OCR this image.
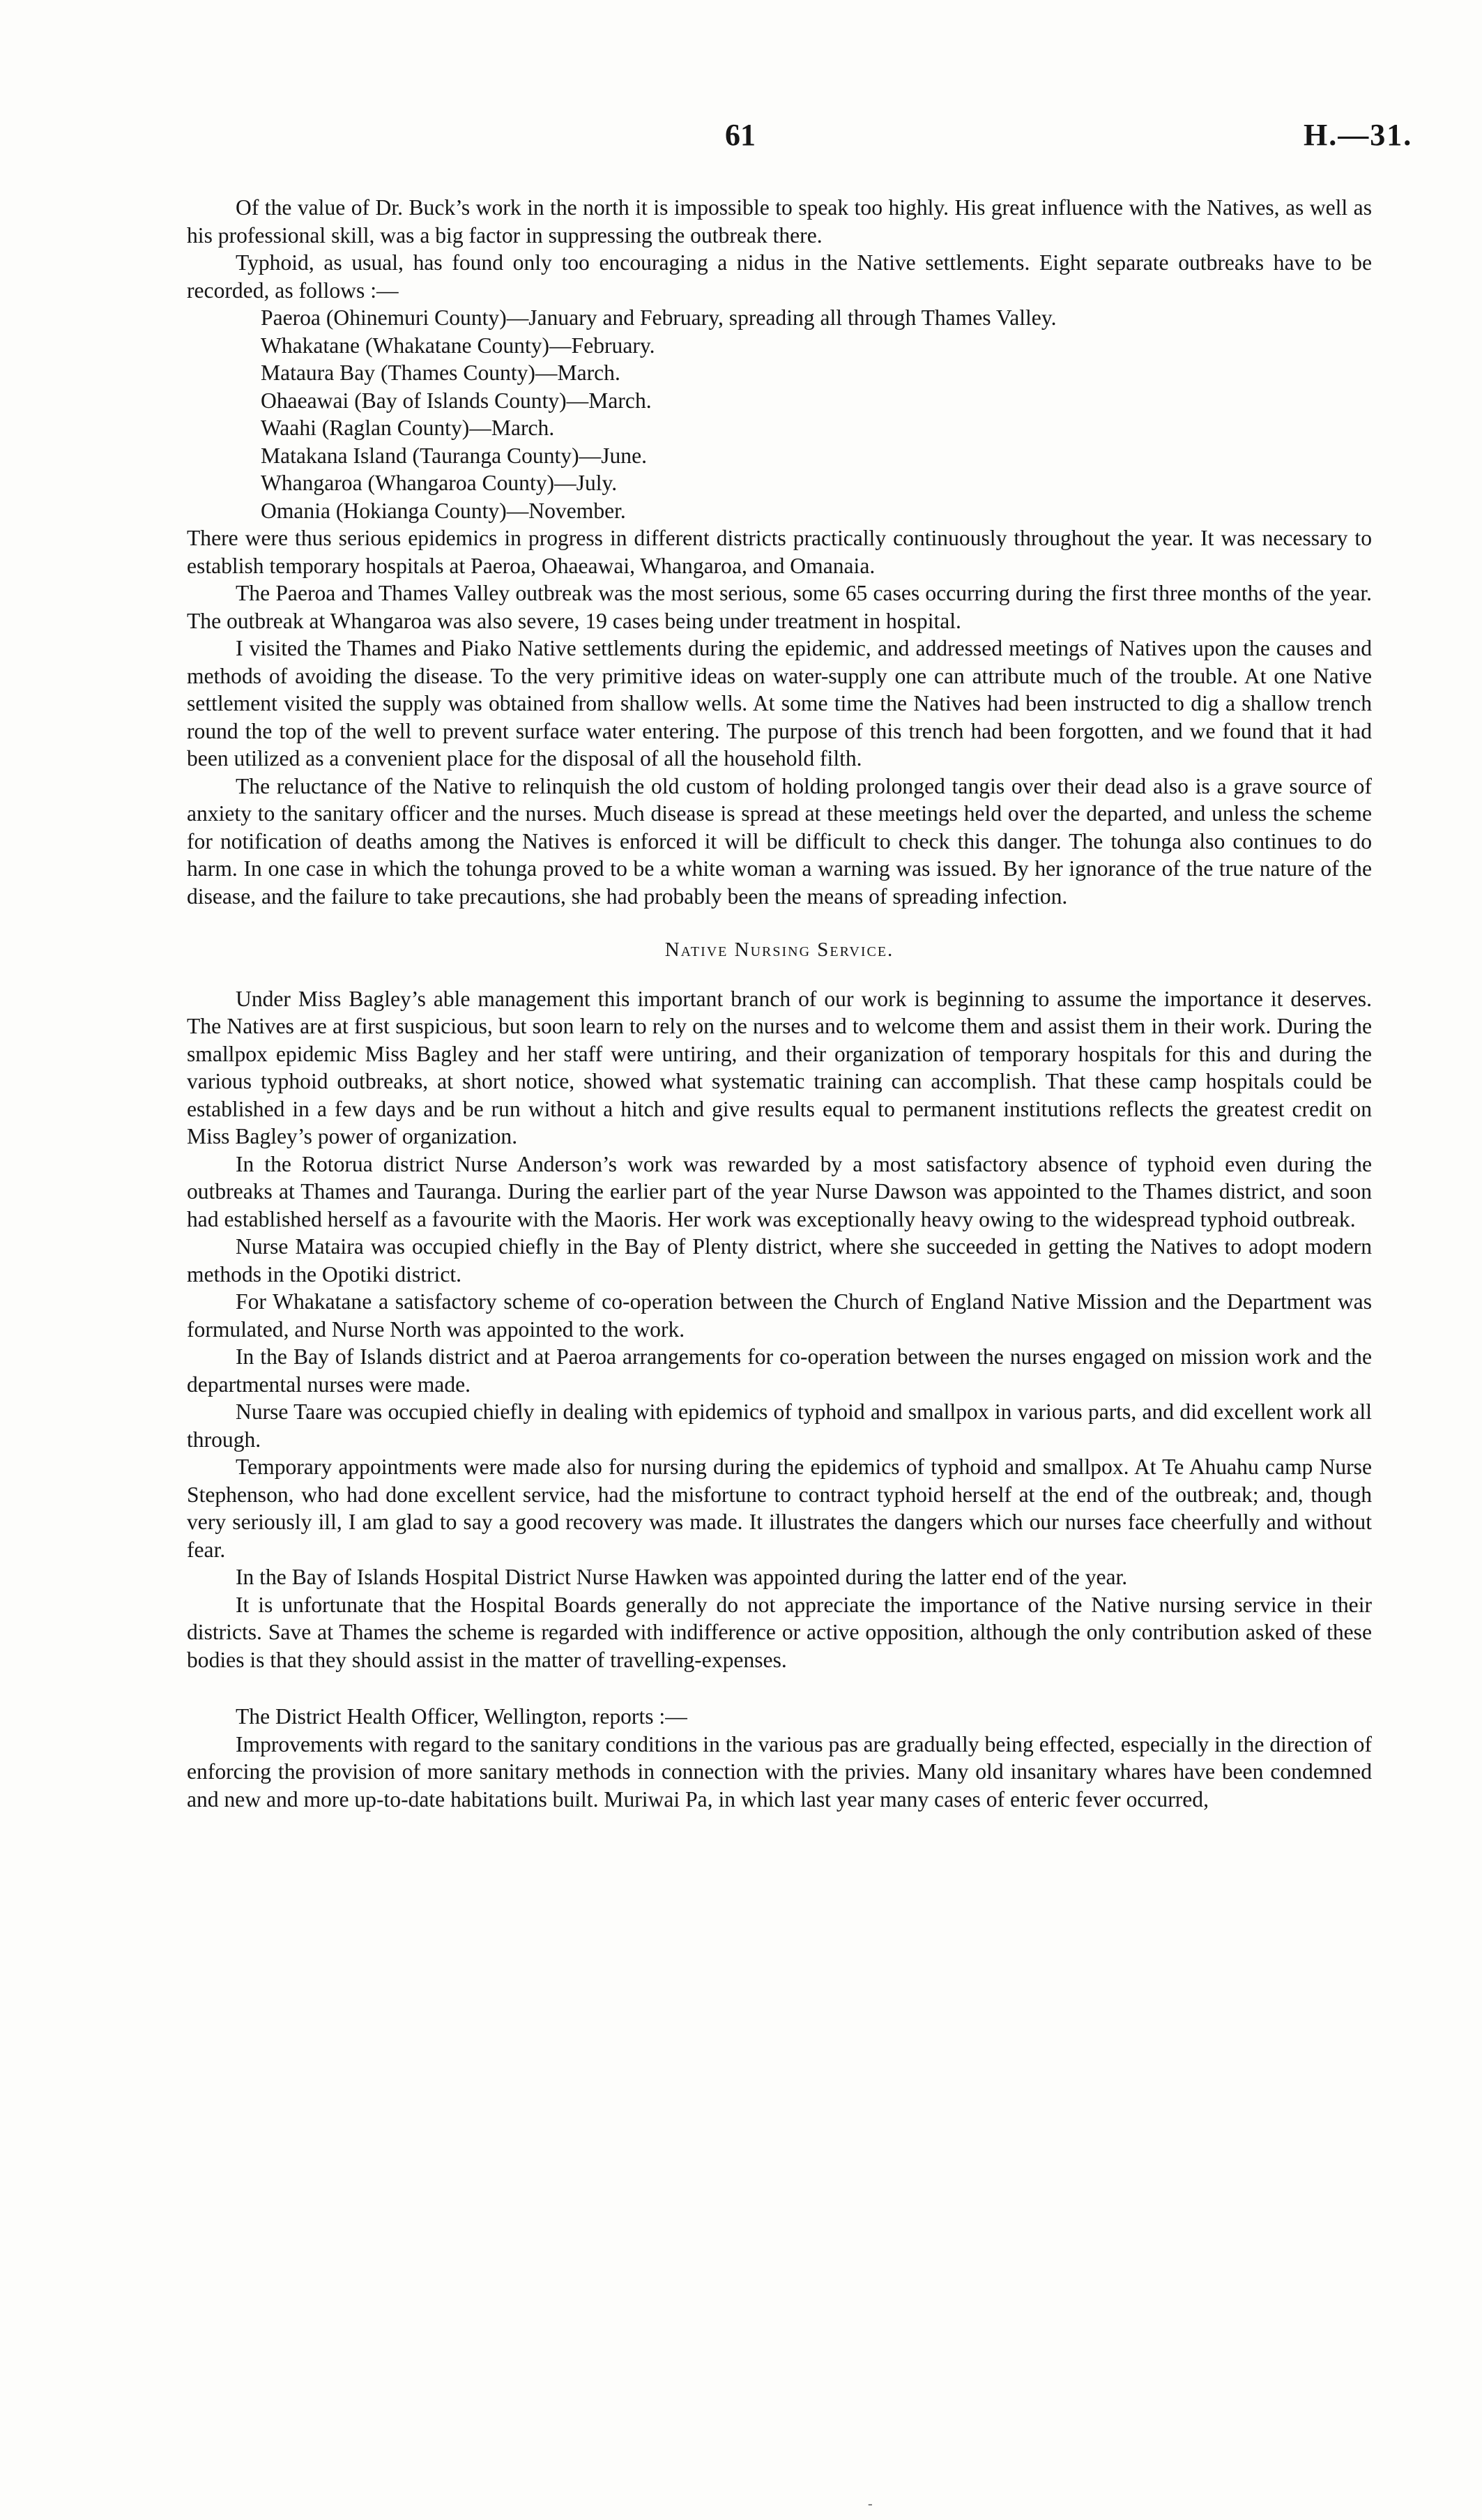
61	H.—31.

Of the value of Dr. Buck’s work in the north it is impossible to speak too highly. His great influence with the Natives, as well as his professional skill, was a big factor in suppressing the outbreak there.

Typhoid, as usual, has found only too encouraging a nidus in the Native settlements. Eight separate outbreaks have to be recorded, as follows :—

Paeroa (Ohinemuri County)—January and February, spreading all through Thames Valley.
Whakatane (Whakatane County)—February.
Mataura Bay (Thames County)—March.
Ohaeawai (Bay of Islands County)—March.
Waahi (Raglan County)—March.
Matakana Island (Tauranga County)—June.
Whangaroa (Whangaroa County)—July.
Omania (Hokianga County)—November.

There were thus serious epidemics in progress in different districts practically continuously throughout the year. It was necessary to establish temporary hospitals at Paeroa, Ohaeawai, Whangaroa, and Omanaia.

The Paeroa and Thames Valley outbreak was the most serious, some 65 cases occurring during the first three months of the year. The outbreak at Whangaroa was also severe, 19 cases being under treatment in hospital.

I visited the Thames and Piako Native settlements during the epidemic, and addressed meetings of Natives upon the causes and methods of avoiding the disease. To the very primitive ideas on water-supply one can attribute much of the trouble. At one Native settlement visited the supply was obtained from shallow wells. At some time the Natives had been instructed to dig a shallow trench round the top of the well to prevent surface water entering. The purpose of this trench had been forgotten, and we found that it had been utilized as a convenient place for the disposal of all the household filth.

The reluctance of the Native to relinquish the old custom of holding prolonged tangis over their dead also is a grave source of anxiety to the sanitary officer and the nurses. Much disease is spread at these meetings held over the departed, and unless the scheme for notification of deaths among the Natives is enforced it will be difficult to check this danger. The tohunga also continues to do harm. In one case in which the tohunga proved to be a white woman a warning was issued. By her ignorance of the true nature of the disease, and the failure to take precautions, she had probably been the means of spreading infection.

Native Nursing Service.

Under Miss Bagley’s able management this important branch of our work is beginning to assume the importance it deserves. The Natives are at first suspicious, but soon learn to rely on the nurses and to welcome them and assist them in their work. During the smallpox epidemic Miss Bagley and her staff were untiring, and their organization of temporary hospitals for this and during the various typhoid outbreaks, at short notice, showed what systematic training can accomplish. That these camp hospitals could be established in a few days and be run without a hitch and give results equal to permanent institutions reflects the greatest credit on Miss Bagley’s power of organization.

In the Rotorua district Nurse Anderson’s work was rewarded by a most satisfactory absence of typhoid even during the outbreaks at Thames and Tauranga. During the earlier part of the year Nurse Dawson was appointed to the Thames district, and soon had established herself as a favourite with the Maoris. Her work was exceptionally heavy owing to the widespread typhoid outbreak.

Nurse Mataira was occupied chiefly in the Bay of Plenty district, where she succeeded in getting the Natives to adopt modern methods in the Opotiki district.

For Whakatane a satisfactory scheme of co-operation between the Church of England Native Mission and the Department was formulated, and Nurse North was appointed to the work.

In the Bay of Islands district and at Paeroa arrangements for co-operation between the nurses engaged on mission work and the departmental nurses were made.

Nurse Taare was occupied chiefly in dealing with epidemics of typhoid and smallpox in various parts, and did excellent work all through.

Temporary appointments were made also for nursing during the epidemics of typhoid and smallpox. At Te Ahuahu camp Nurse Stephenson, who had done excellent service, had the misfortune to contract typhoid herself at the end of the outbreak; and, though very seriously ill, I am glad to say a good recovery was made. It illustrates the dangers which our nurses face cheerfully and without fear.

In the Bay of Islands Hospital District Nurse Hawken was appointed during the latter end of the year.

It is unfortunate that the Hospital Boards generally do not appreciate the importance of the Native nursing service in their districts. Save at Thames the scheme is regarded with indifference or active opposition, although the only contribution asked of these bodies is that they should assist in the matter of travelling-expenses.

The District Health Officer, Wellington, reports :—

Improvements with regard to the sanitary conditions in the various pas are gradually being effected, especially in the direction of enforcing the provision of more sanitary methods in connection with the privies. Many old insanitary whares have been condemned and new and more up-to-date habitations built. Muriwai Pa, in which last year many cases of enteric fever occurred,

-
